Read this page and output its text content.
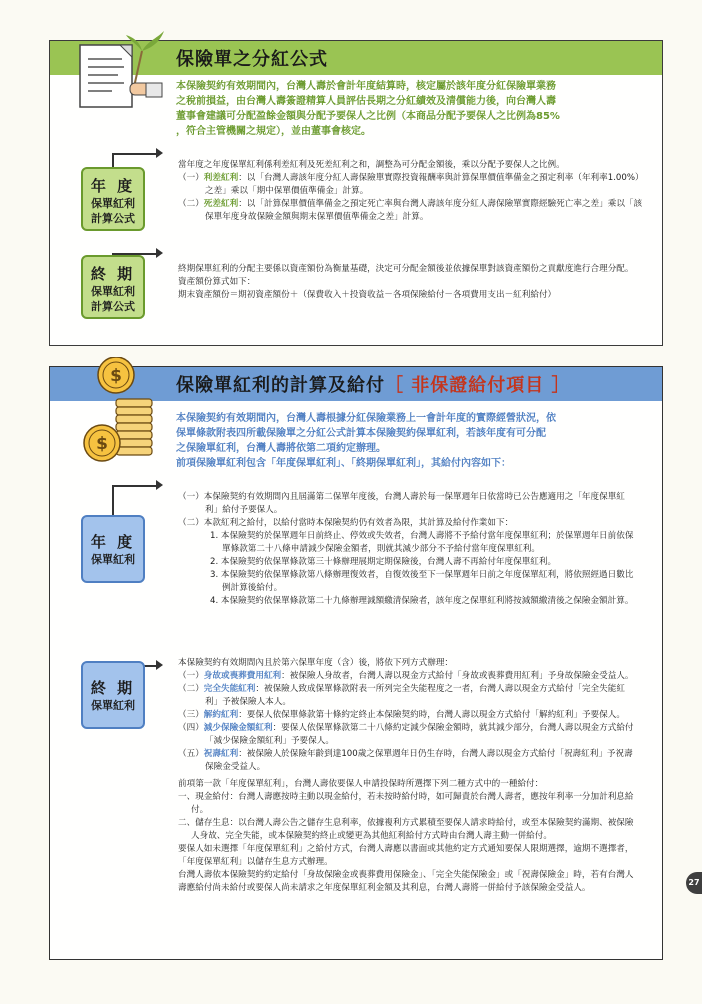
保險單之分紅公式

本保險契約有效期間內，台灣人壽於會計年度結算時，核定屬於該年度分紅保險單業務

之稅前損益，由台灣人壽簽證精算人員評估長期之分紅績效及清償能力後，向台灣人壽

董事會建議可分配盈餘金額與分配予要保人之比例（本商品分配予要保人之比例為85%

，符合主管機關之規定），並由董事會核定。

年 度
保單紅利
計算公式

當年度之年度保單紅利係利差紅利及死差紅利之和，調整為可分配金額後，乘以分配予要保人之比例。

（一）利差紅利：以「台灣人壽該年度分紅人壽保險單實際投資報酬率與計算保單價值準備金之預定利率（年利率1.00%）之差」乘以「期中保單價值準備金」計算。

（二）死差紅利：以「計算保單價值準備金之預定死亡率與台灣人壽該年度分紅人壽保險單實際經驗死亡率之差」乘以「該保單年度身故保險金額與期末保單價值準備金之差」計算。

終 期
保單紅利
計算公式

終期保單紅利的分配主要係以資產額份為衡量基礎，決定可分配金額後並依據保單對該資產額份之貢獻度進行合理分配。

資產額份算式如下：

期末資產額份＝期初資產額份＋（保費收入＋投資收益－各項保險給付－各項費用支出－紅利給付）

保險單紅利的計算及給付［ 非保證給付項目 ］
$
$

本保險契約有效期間內，台灣人壽根據分紅保險業務上一會計年度的實際經營狀況，依

保單條款附表四所載保險單之分紅公式計算本保險契約保單紅利，若該年度有可分配

之保險單紅利，台灣人壽將依第二項約定辦理。

前項保險單紅利包含「年度保單紅利」、「終期保單紅利」，其給付內容如下：

年 度
保單紅利

（一）本保險契約有效期間內且屆滿第二保單年度後，台灣人壽於每一保單週年日依當時已公告應適用之「年度保單紅利」給付予要保人。

（二）本款紅利之給付，以給付當時本保險契約仍有效者為限，其計算及給付作業如下：

1. 本保險契約於保單週年日前終止、停效或失效者，台灣人壽將不予給付當年度保單紅利；於保單週年日前依保單條款第二十八條申請減少保險金額者，則就其減少部分不予給付當年度保單紅利。

2. 本保險契約依保單條款第三十條辦理展期定期保險後，台灣人壽不再給付年度保單紅利。

3. 本保險契約依保單條款第八條辦理復效者，自復效後至下一保單週年日前之年度保單紅利，將依照經過日數比例計算後給付。

4. 本保險契約依保單條款第二十九條辦理減額繳清保險者，該年度之保單紅利將按減額繳清後之保險金額計算。

終 期
保單紅利

本保險契約有效期間內且於第六保單年度（含）後，將依下列方式辦理：

（一）身故或喪葬費用紅利：被保險人身故者，台灣人壽以現金方式給付「身故或喪葬費用紅利」予身故保險金受益人。

（二）完全失能紅利：被保險人致成保單條款附表一所列完全失能程度之一者，台灣人壽以現金方式給付「完全失能紅利」予被保險人本人。

（三）解約紅利：要保人依保單條款第十條約定終止本保險契約時，台灣人壽以現金方式給付「解約紅利」予要保人。

（四）減少保險金額紅利：要保人依保單條款第二十八條約定減少保險金額時，就其減少部分，台灣人壽以現金方式給付「減少保險金額紅利」予要保人。

（五）祝壽紅利：被保險人於保險年齡到達100歲之保單週年日仍生存時，台灣人壽以現金方式給付「祝壽紅利」予祝壽保險金受益人。

前項第一款「年度保單紅利」，台灣人壽依要保人申請投保時所選擇下列二種方式中的一種給付：

一、現金給付：台灣人壽應按時主動以現金給付，若未按時給付時，如可歸責於台灣人壽者，應按年利率一分加計利息給付。

二、儲存生息：以台灣人壽公告之儲存生息利率，依據複利方式累積至要保人請求時給付，或至本保險契約滿期、被保險人身故、完全失能，或本保險契約終止或變更為其他紅利給付方式時由台灣人壽主動一併給付。

要保人如未選擇「年度保單紅利」之給付方式，台灣人壽應以書面或其他約定方式通知要保人限期選擇，逾期不選擇者，「年度保單紅利」以儲存生息方式辦理。

台灣人壽依本保險契約約定給付「身故保險金或喪葬費用保險金」、「完全失能保險金」或「祝壽保險金」時，若有台灣人壽應給付尚未給付或要保人尚未請求之年度保單紅利金額及其利息，台灣人壽將一併給付予該保險金受益人。

27
